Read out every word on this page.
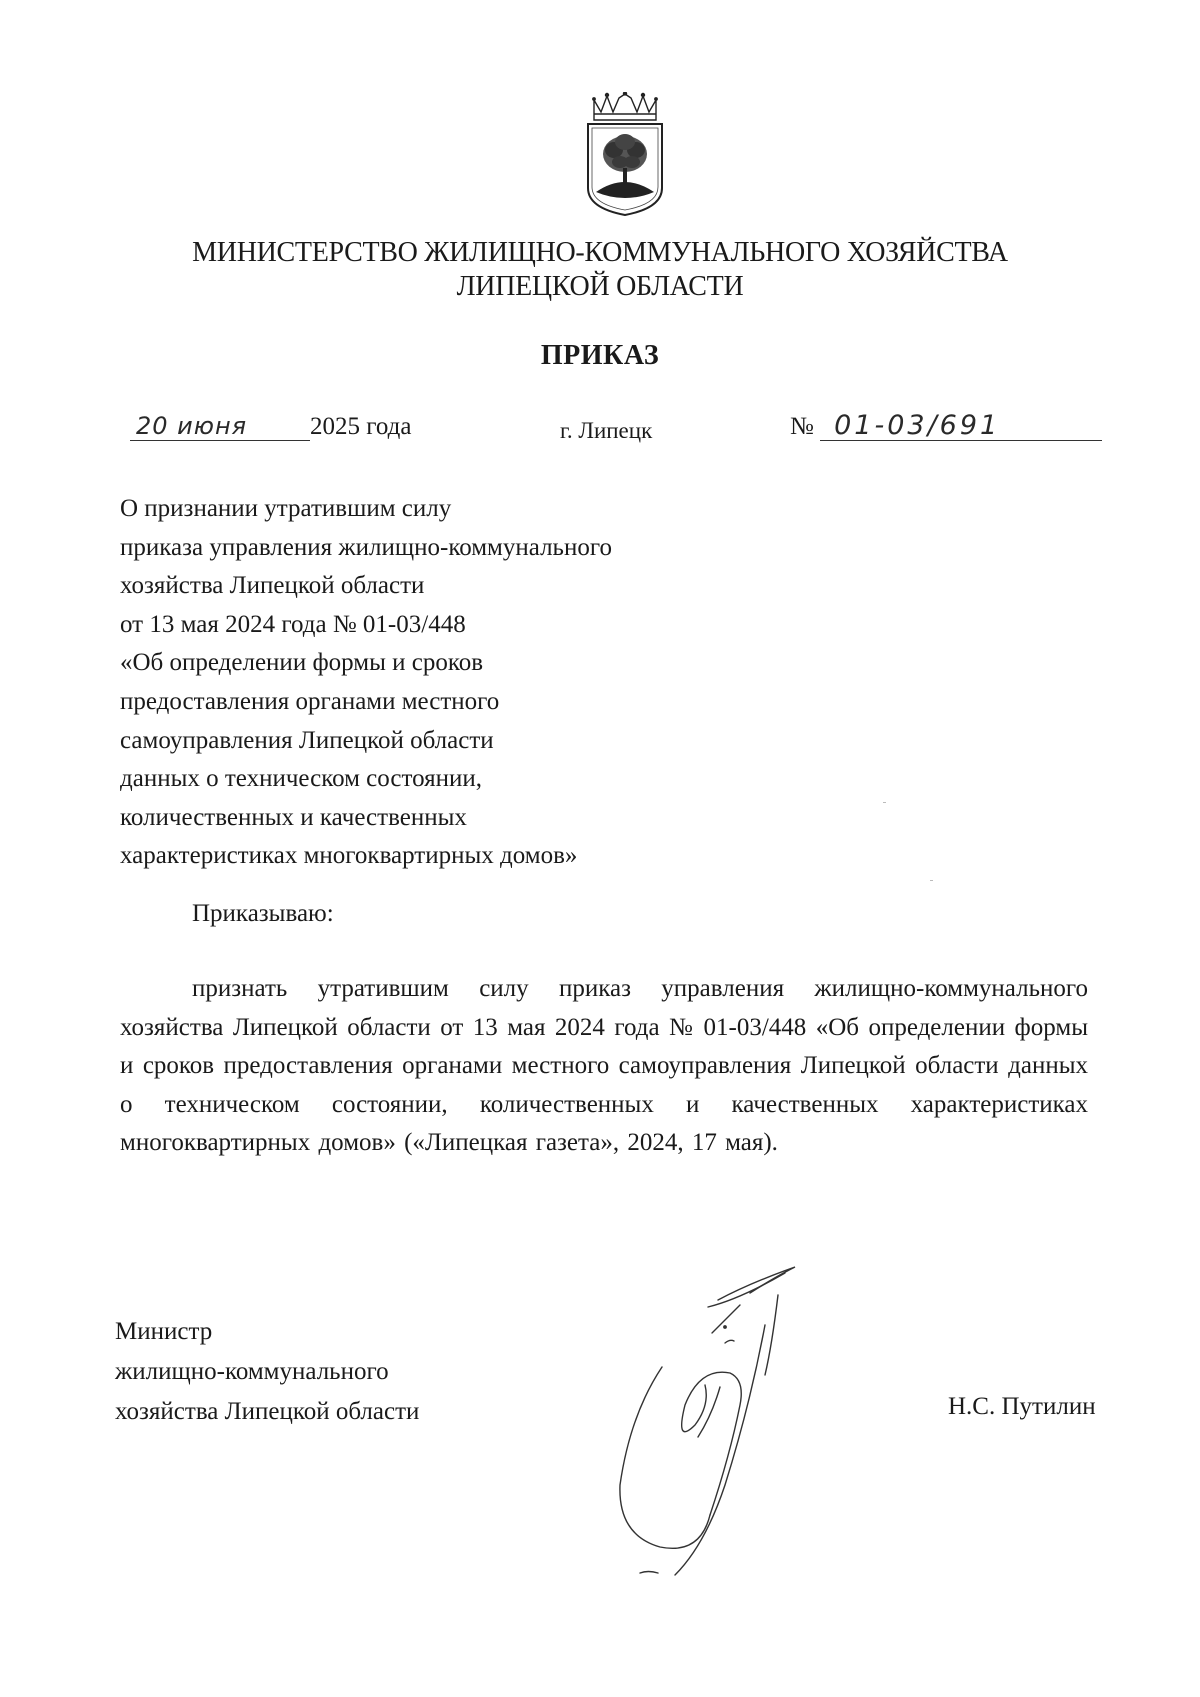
МИНИСТЕРСТВО ЖИЛИЩНО-КОММУНАЛЬНОГО ХОЗЯЙСТВА
ЛИПЕЦКОЙ ОБЛАСТИ
ПРИКАЗ
20 июня	2025 года	г. Липецк	№ 01-03/691
О признании утратившим силу
приказа управления жилищно-коммунального
хозяйства Липецкой области
от 13 мая 2024 года № 01-03/448
«Об определении формы и сроков
предоставления органами местного
самоуправления Липецкой области
данных о техническом состоянии,
количественных и качественных
характеристиках многоквартирных домов»
Приказываю:
признать утратившим силу приказ управления жилищно-коммунального хозяйства Липецкой области от 13 мая 2024 года № 01-03/448 «Об определении формы и сроков предоставления органами местного самоуправления Липецкой области данных о техническом состоянии, количественных и качественных характеристиках многоквартирных домов» («Липецкая газета», 2024, 17 мая).
Министр
жилищно-коммунального
хозяйства Липецкой области	Н.С. Путилин
